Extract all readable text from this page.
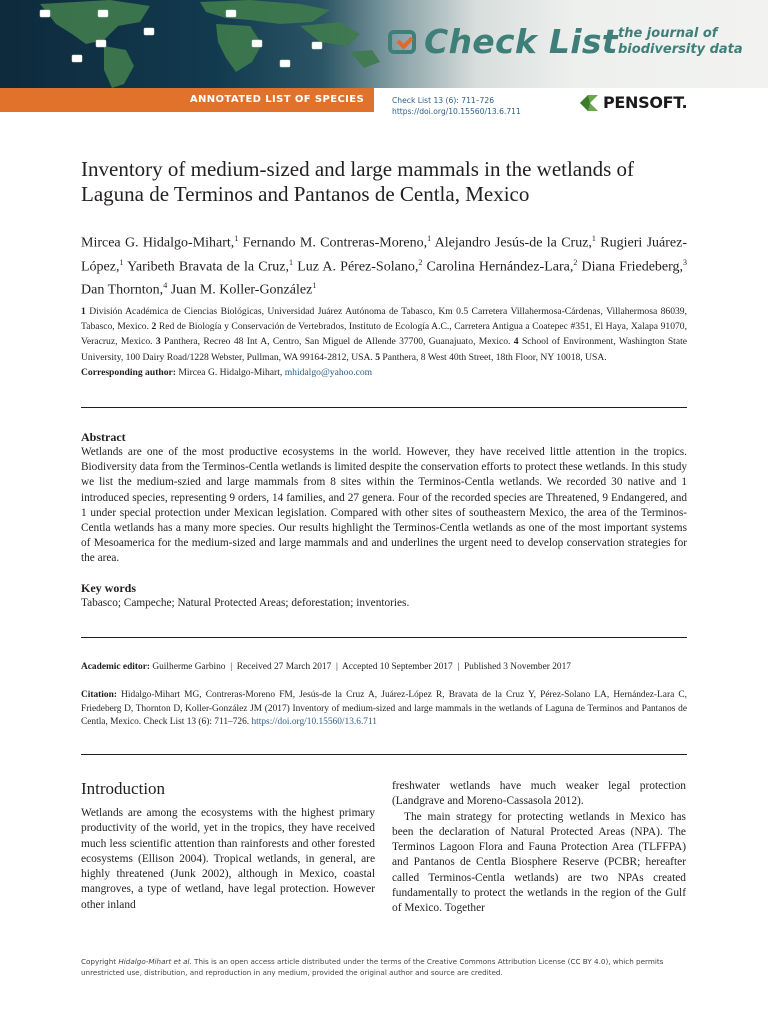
Check List the journal of
biodiversity data
ANNOTATED LIST OF SPECIES	Check List 13 (6): 711–726
https://doi.org/10.15560/13.6.711	PENSOFT.
Inventory of medium-sized and large mammals in the wetlands of Laguna de Terminos and Pantanos de Centla, Mexico
Mircea G. Hidalgo-Mihart,$^1$ Fernando M. Contreras-Moreno,$^1$ Alejandro Jesús-de la Cruz,$^1$ Rugieri Juárez-López,$^1$ Yaribeth Bravata de la Cruz,$^1$ Luz A. Pérez-Solano,$^2$ Carolina Hernández-Lara,$^2$ Diana Friedeberg,$^3$ Dan Thornton,$^4$ Juan M. Koller-González$^1$
1 División Académica de Ciencias Biológicas, Universidad Juárez Autónoma de Tabasco, Km 0.5 Carretera Villahermosa-Cárdenas, Villahermosa 86039, Tabasco, Mexico. 2 Red de Biología y Conservación de Vertebrados, Instituto de Ecología A.C., Carretera Antigua a Coatepec #351, El Haya, Xalapa 91070, Veracruz, Mexico. 3 Panthera, Recreo 48 Int A, Centro, San Miguel de Allende 37700, Guanajuato, Mexico. 4 School of Environment, Washington State University, 100 Dairy Road/1228 Webster, Pullman, WA 99164-2812, USA. 5 Panthera, 8 West 40th Street, 18th Floor, NY 10018, USA.
Corresponding author: Mircea G. Hidalgo-Mihart, mhidalgo@yahoo.com
Abstract
Wetlands are one of the most productive ecosystems in the world. However, they have received little attention in the tropics. Biodiversity data from the Terminos-Centla wetlands is limited despite the conservation efforts to protect these wetlands. In this study we list the medium-szied and large mammals from 8 sites within the Terminos-Centla wetlands. We recorded 30 native and 1 introduced species, representing 9 orders, 14 families, and 27 genera. Four of the recorded species are Threatened, 9 Endangered, and 1 under special protection under Mexican legislation. Compared with other sites of southeastern Mexico, the area of the Terminos-Centla wetlands has a many more species. Our results highlight the Terminos-Centla wetlands as one of the most important systems of Mesoamerica for the medium-sized and large mammals and and underlines the urgent need to develop conservation strategies for the area.
Key words
Tabasco; Campeche; Natural Protected Areas; deforestation; inventories.
Academic editor: Guilherme Garbino  |  Received 27 March 2017  |  Accepted 10 September 2017  |  Published 3 November 2017
Citation: Hidalgo-Mihart MG, Contreras-Moreno FM, Jesús-de la Cruz A, Juárez-López R, Bravata de la Cruz Y, Pérez-Solano LA, Hernández-Lara C, Friedeberg D, Thornton D, Koller-González JM (2017) Inventory of medium-sized and large mammals in the wetlands of Laguna de Terminos and Pantanos de Centla, Mexico. Check List 13 (6): 711–726. https://doi.org/10.15560/13.6.711
Introduction

Wetlands are among the ecosystems with the highest primary productivity of the world, yet in the tropics, they have received much less scientific attention than rainforests and other forested ecosystems (Ellison 2004). Tropical wetlands, in general, are highly threatened (Junk 2002), although in Mexico, coastal mangroves, a type of wetland, have legal protection. However other inland

freshwater wetlands have much weaker legal protection (Landgrave and Moreno-Cassasola 2012).

The main strategy for protecting wetlands in Mexico has been the declaration of Natural Protected Areas (NPA). The Terminos Lagoon Flora and Fauna Protection Area (TLFFPA) and Pantanos de Centla Biosphere Reserve (PCBR; hereafter called Terminos-Centla wetlands) are two NPAs created fundamentally to protect the wetlands in the region of the Gulf of Mexico. Together

Copyright Hidalgo-Mihart et al. This is an open access article distributed under the terms of the Creative Commons Attribution License (CC BY 4.0), which permits unrestricted use, distribution, and reproduction in any medium, provided the original author and source are credited.
